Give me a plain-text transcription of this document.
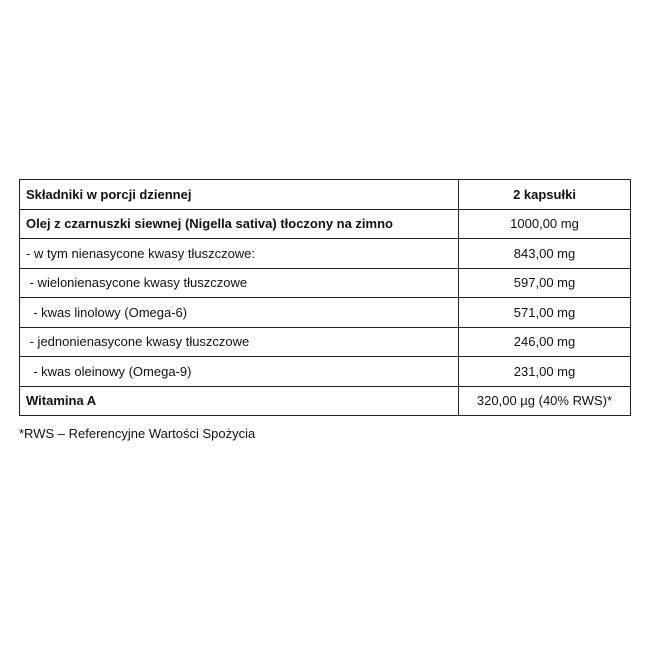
Składniki w porcji dziennej	2 kapsułki
Olej z czarnuszki siewnej (Nigella sativa) tłoczony na zimno	1000,00 mg
- w tym nienasycone kwasy tłuszczowe:	843,00 mg
- wielonienasycone kwasy tłuszczowe	597,00 mg
- kwas linolowy (Omega-6)	571,00 mg
- jednonienasycone kwasy tłuszczowe	246,00 mg
- kwas oleinowy (Omega-9)	231,00 mg
Witamina A	320,00 µg (40% RWS)*
*RWS – Referencyjne Wartości Spożycia
